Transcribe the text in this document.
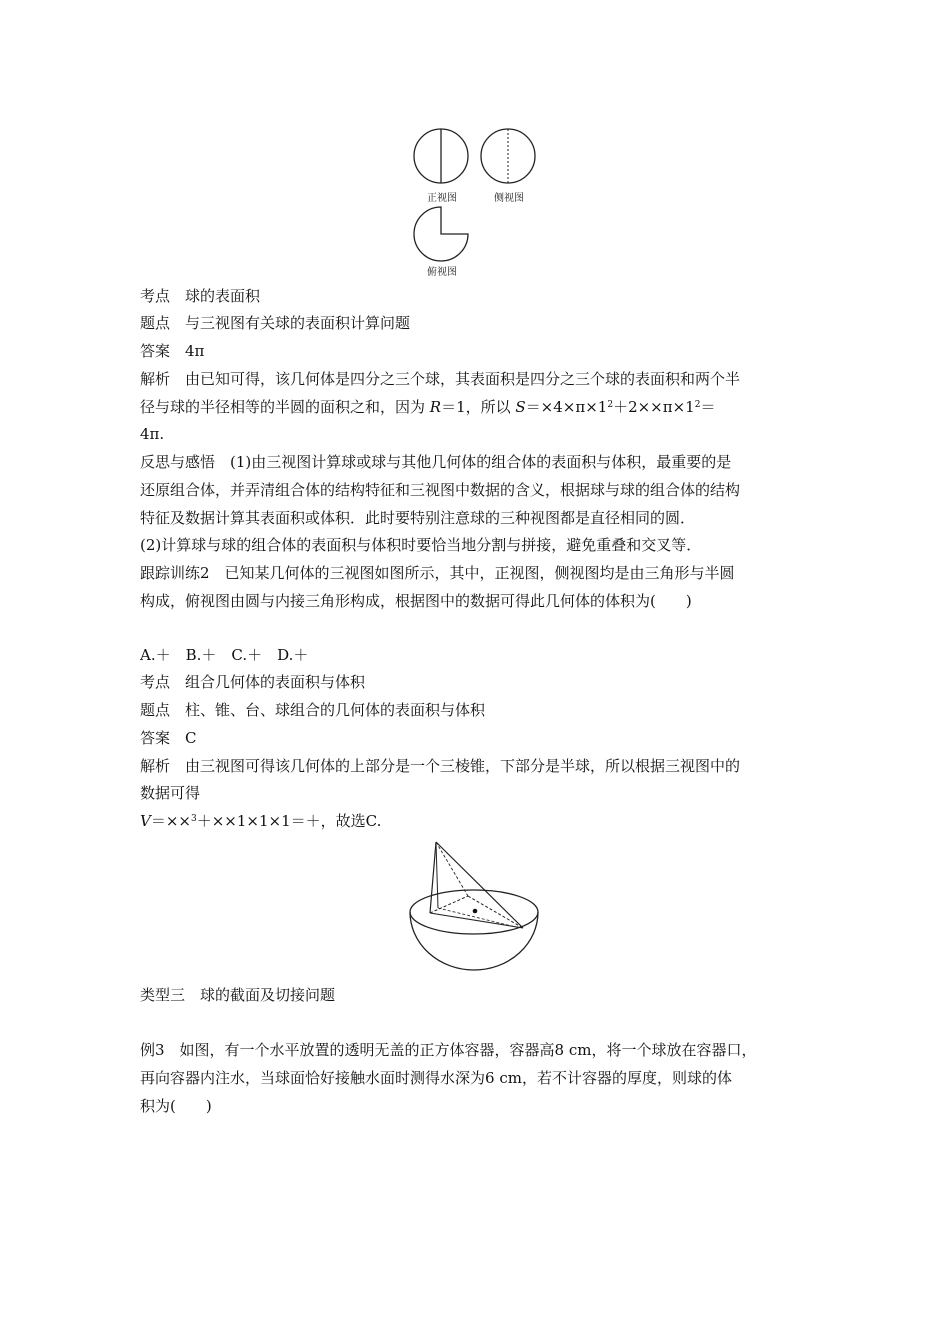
正视图	侧视图
俯视图
考点　球的表面积
题点　与三视图有关球的表面积计算问题
答案　4π
解析　由已知可得，该几何体是四分之三个球，其表面积是四分之三个球的表面积和两个半
径与球的半径相等的半圆的面积之和，因为 R＝1，所以 $S=\times 4\times\pi\times 1^2+2\times\times\pi\times 1^2=$
4π.
反思与感悟　(1)由三视图计算球或球与其他几何体的组合体的表面积与体积，最重要的是
还原组合体，并弄清组合体的结构特征和三视图中数据的含义，根据球与球的组合体的结构
特征及数据计算其表面积或体积．此时要特别注意球的三种视图都是直径相同的圆．
(2)计算球与球的组合体的表面积与体积时要恰当地分割与拼接，避免重叠和交叉等．
跟踪训练2　已知某几何体的三视图如图所示，其中，正视图，侧视图均是由三角形与半圆
构成，俯视图由圆与内接三角形构成，根据图中的数据可得此几何体的体积为(　　)
A.＋　B.＋　C.＋　D.＋
考点　组合几何体的表面积与体积
题点　柱、锥、台、球组合的几何体的表面积与体积
答案　C
解析　由三视图可得该几何体的上部分是一个三棱锥，下部分是半球，所以根据三视图中的
数据可得
V＝××$^3$＋××1×1×1＝＋，故选C.
类型三　球的截面及切接问题
例3　如图，有一个水平放置的透明无盖的正方体容器，容器高8 cm，将一个球放在容器口，
再向容器内注水，当球面恰好接触水面时测得水深为6 cm，若不计容器的厚度，则球的体
积为(　　)
